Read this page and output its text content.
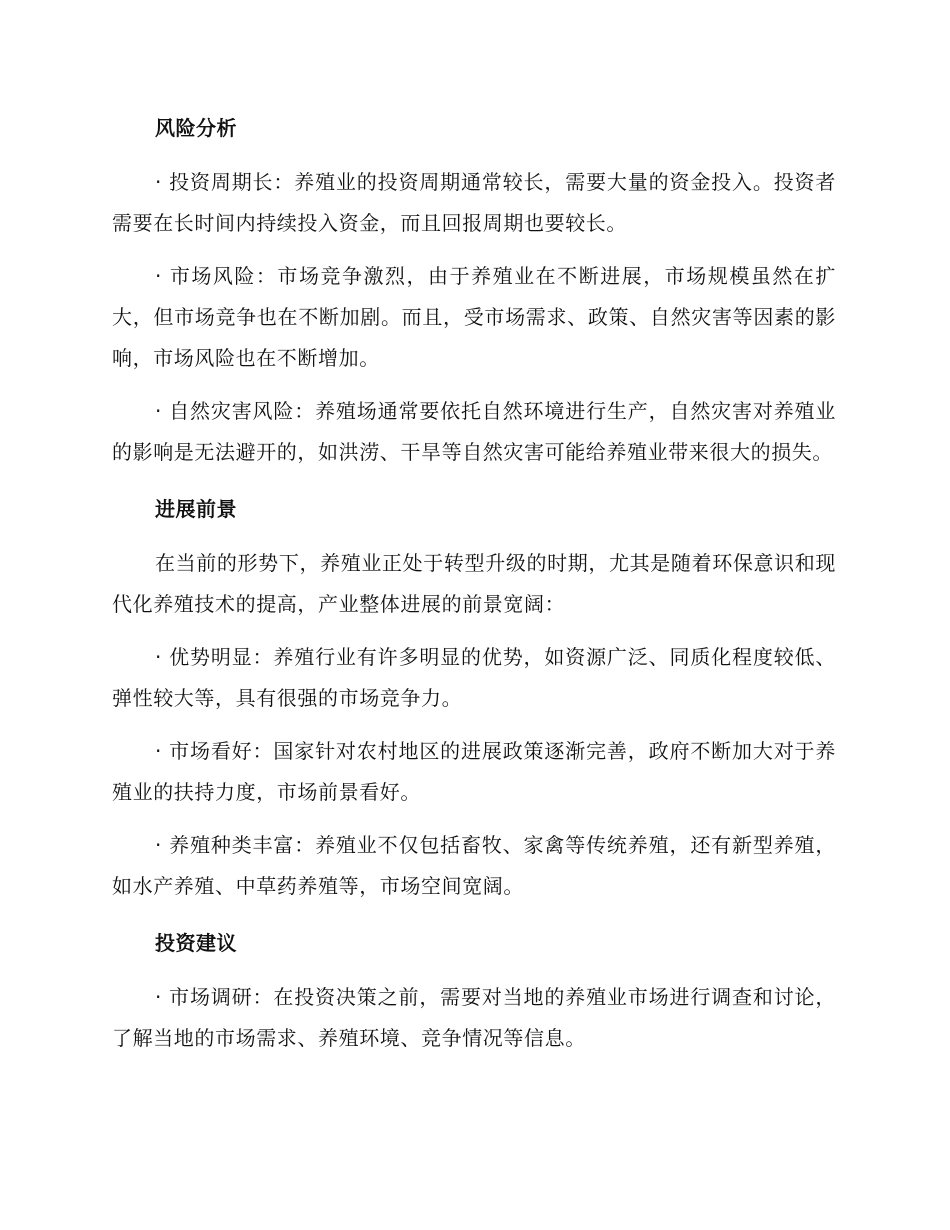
风险分析

· 投资周期长：养殖业的投资周期通常较长，需要大量的资金投入。投资者需要在长时间内持续投入资金，而且回报周期也要较长。

· 市场风险：市场竞争激烈，由于养殖业在不断进展，市场规模虽然在扩大，但市场竞争也在不断加剧。而且，受市场需求、政策、自然灾害等因素的影响，市场风险也在不断增加。

· 自然灾害风险：养殖场通常要依托自然环境进行生产，自然灾害对养殖业的影响是无法避开的，如洪涝、干旱等自然灾害可能给养殖业带来很大的损失。

进展前景

在当前的形势下，养殖业正处于转型升级的时期，尤其是随着环保意识和现代化养殖技术的提高，产业整体进展的前景宽阔：

· 优势明显：养殖行业有许多明显的优势，如资源广泛、同质化程度较低、弹性较大等，具有很强的市场竞争力。

· 市场看好：国家针对农村地区的进展政策逐渐完善，政府不断加大对于养殖业的扶持力度，市场前景看好。

· 养殖种类丰富：养殖业不仅包括畜牧、家禽等传统养殖，还有新型养殖，如水产养殖、中草药养殖等，市场空间宽阔。

投资建议

· 市场调研：在投资决策之前，需要对当地的养殖业市场进行调查和讨论，了解当地的市场需求、养殖环境、竞争情况等信息。
